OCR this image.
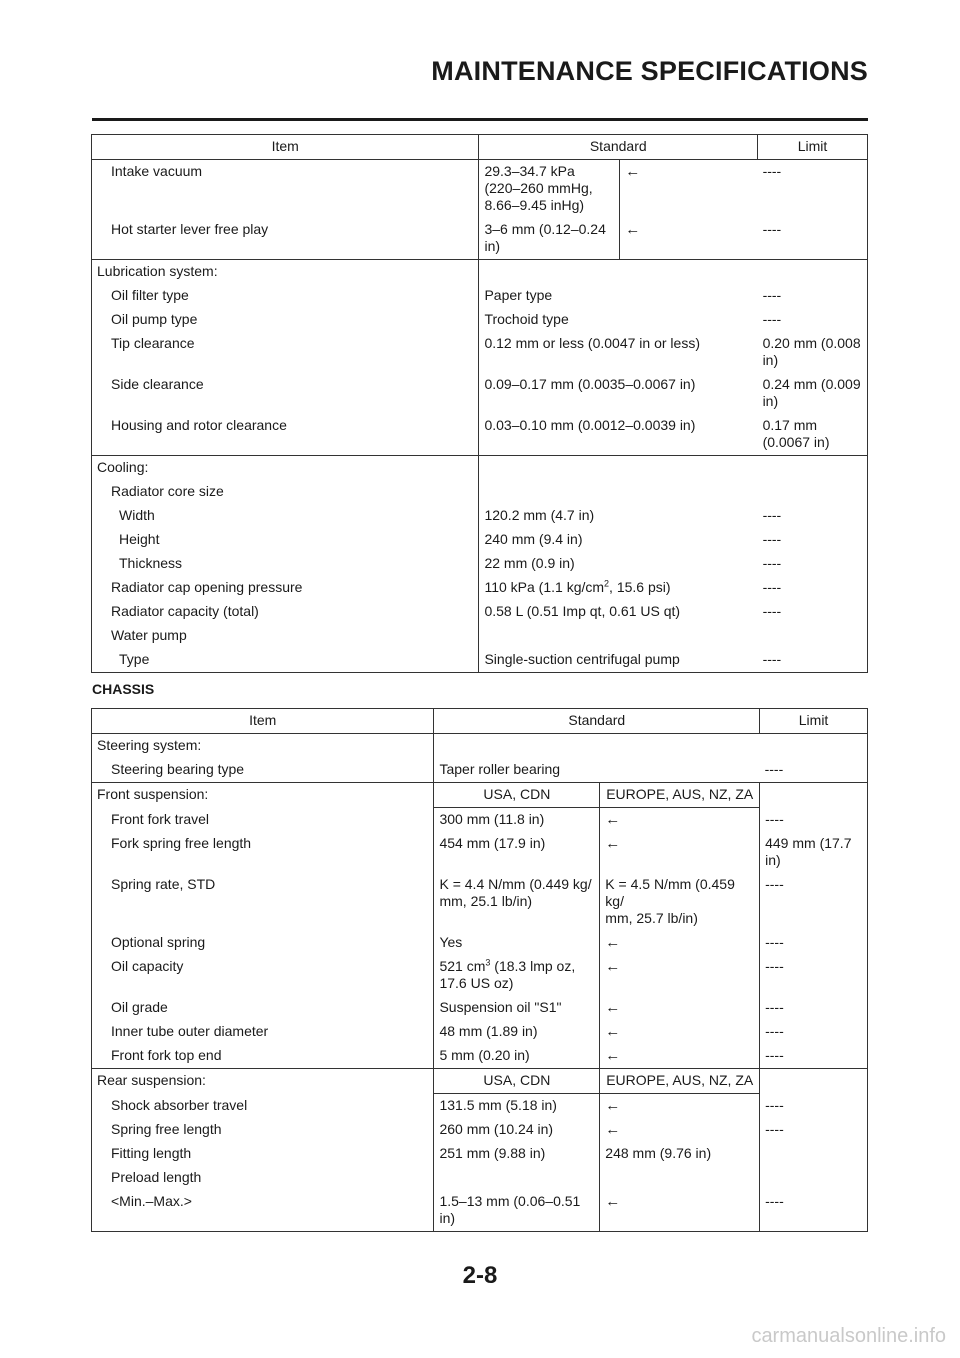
MAINTENANCE SPECIFICATIONS
Item	Standard		Limit
Intake vacuum	29.3–34.7 kPa
(220–260 mmHg,
8.66–9.45 inHg)	←	----
Hot starter lever free play	3–6 mm (0.12–0.24
in)	←	----
Lubrication system:			
Oil filter type	Paper type		----
Oil pump type	Trochoid type		----
Tip clearance	0.12 mm or less (0.0047 in or less)		0.20 mm (0.008
in)
Side clearance	0.09–0.17 mm (0.0035–0.0067 in)		0.24 mm (0.009
in)
Housing and rotor clearance	0.03–0.10 mm (0.0012–0.0039 in)		0.17 mm
(0.0067 in)
Cooling:			
Radiator core size			
Width	120.2 mm (4.7 in)		----
Height	240 mm (9.4 in)		----
Thickness	22 mm (0.9 in)		----
Radiator cap opening pressure	110 kPa (1.1 $kg/cm^2$, 15.6 psi)		----
Radiator capacity (total)	0.58 L (0.51 Imp qt, 0.61 US qt)		----
Water pump			
Type	Single-suction centrifugal pump		----
CHASSIS
Item	Standard		Limit
Steering system:			
Steering bearing type	Taper roller bearing		----
Front suspension:	USA, CDN	EUROPE, AUS, NZ, ZA	
Front fork travel	300 mm (11.8 in)	←	----
Fork spring free length	454 mm (17.9 in)	←	449 mm (17.7
in)
Spring rate, STD	K = 4.4 N/mm (0.449 kg/
mm, 25.1 lb/in)	K = 4.5 N/mm (0.459 kg/
mm, 25.7 lb/in)	----
Optional spring	Yes	←	----
Oil capacity	521 $cm^3$ (18.3 lmp oz,
17.6 US oz)	←	----
Oil grade	Suspension oil "S1"	←	----
Inner tube outer diameter	48 mm (1.89 in)	←	----
Front fork top end	5 mm (0.20 in)	←	----
Rear suspension:	USA, CDN	EUROPE, AUS, NZ, ZA	
Shock absorber travel	131.5 mm (5.18 in)	←	----
Spring free length	260 mm (10.24 in)	←	----
Fitting length	251 mm (9.88 in)	248 mm (9.76 in)	
Preload length			
<Min.–Max.>	1.5–13 mm (0.06–0.51
in)	←	----
2-8
carmanualsonline.info
